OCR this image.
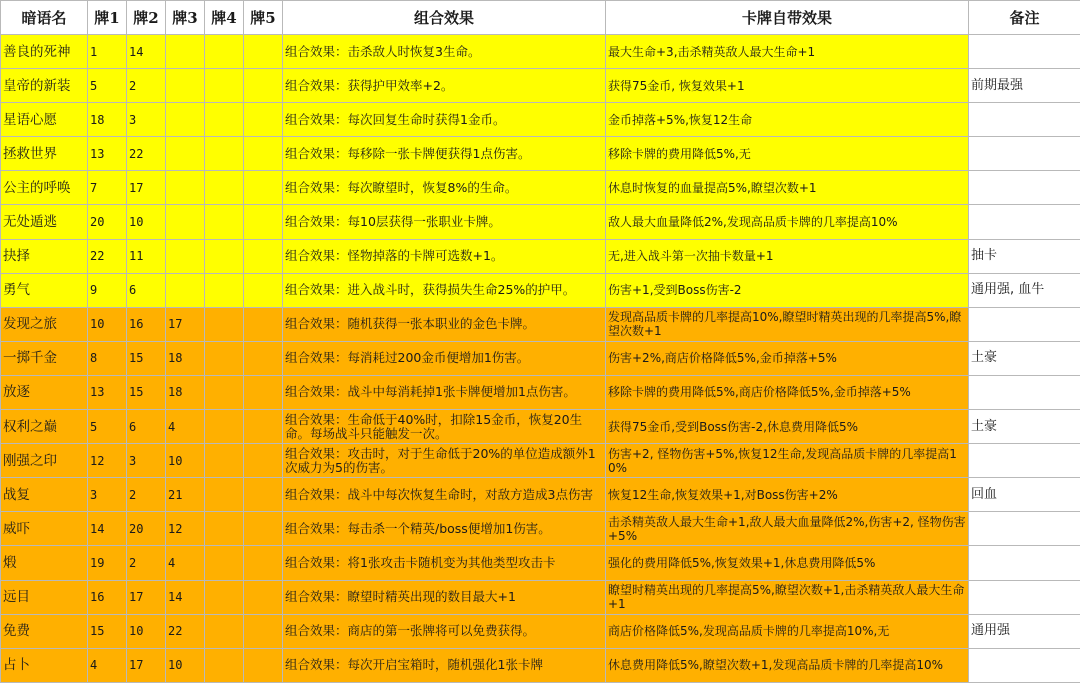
暗语名	牌1	牌2	牌3	牌4	牌5	组合效果	卡牌自带效果	备注
善良的死神	1	14				组合效果：击杀敌人时恢复3生命。	最大生命+3,击杀精英敌人最大生命+1	
皇帝的新装	5	2				组合效果：获得护甲效率+2。	获得75金币, 恢复效果+1	前期最强
星语心愿	18	3				组合效果：每次回复生命时获得1金币。	金币掉落+5%,恢复12生命	
拯救世界	13	22				组合效果：每移除一张卡牌便获得1点伤害。	移除卡牌的费用降低5%,无	
公主的呼唤	7	17				组合效果：每次瞭望时，恢复8%的生命。	休息时恢复的血量提高5%,瞭望次数+1	
无处遁逃	20	10				组合效果：每10层获得一张职业卡牌。	敌人最大血量降低2%,发现高品质卡牌的几率提高10%	
抉择	22	11				组合效果：怪物掉落的卡牌可选数+1。	无,进入战斗第一次抽卡数量+1	抽卡
勇气	9	6				组合效果：进入战斗时，获得损失生命25%的护甲。	伤害+1,受到Boss伤害-2	通用强, 血牛
发现之旅	10	16	17			组合效果：随机获得一张本职业的金色卡牌。	发现高品质卡牌的几率提高10%,瞭望时精英出现的几率提高5%,瞭望次数+1	
一掷千金	8	15	18			组合效果：每消耗过200金币便增加1伤害。	伤害+2%,商店价格降低5%,金币掉落+5%	土豪
放逐	13	15	18			组合效果：战斗中每消耗掉1张卡牌便增加1点伤害。	移除卡牌的费用降低5%,商店价格降低5%,金币掉落+5%	
权利之巅	5	6	4			组合效果：生命低于40%时，扣除15金币，恢复20生命。每场战斗只能触发一次。	获得75金币,受到Boss伤害-2,休息费用降低5%	土豪
刚强之印	12	3	10			组合效果：攻击时，对于生命低于20%的单位造成额外1次威力为5的伤害。	伤害+2, 怪物伤害+5%,恢复12生命,发现高品质卡牌的几率提高10%	
战复	3	2	21			组合效果：战斗中每次恢复生命时，对敌方造成3点伤害	恢复12生命,恢复效果+1,对Boss伤害+2%	回血
威吓	14	20	12			组合效果：每击杀一个精英/boss便增加1伤害。	击杀精英敌人最大生命+1,敌人最大血量降低2%,伤害+2, 怪物伤害+5%	
煅	19	2	4			组合效果：将1张攻击卡随机变为其他类型攻击卡	强化的费用降低5%,恢复效果+1,休息费用降低5%	
远目	16	17	14			组合效果：瞭望时精英出现的数目最大+1	瞭望时精英出现的几率提高5%,瞭望次数+1,击杀精英敌人最大生命+1	
免费	15	10	22			组合效果：商店的第一张牌将可以免费获得。	商店价格降低5%,发现高品质卡牌的几率提高10%,无	通用强
占卜	4	17	10			组合效果：每次开启宝箱时，随机强化1张卡牌	休息费用降低5%,瞭望次数+1,发现高品质卡牌的几率提高10%	
